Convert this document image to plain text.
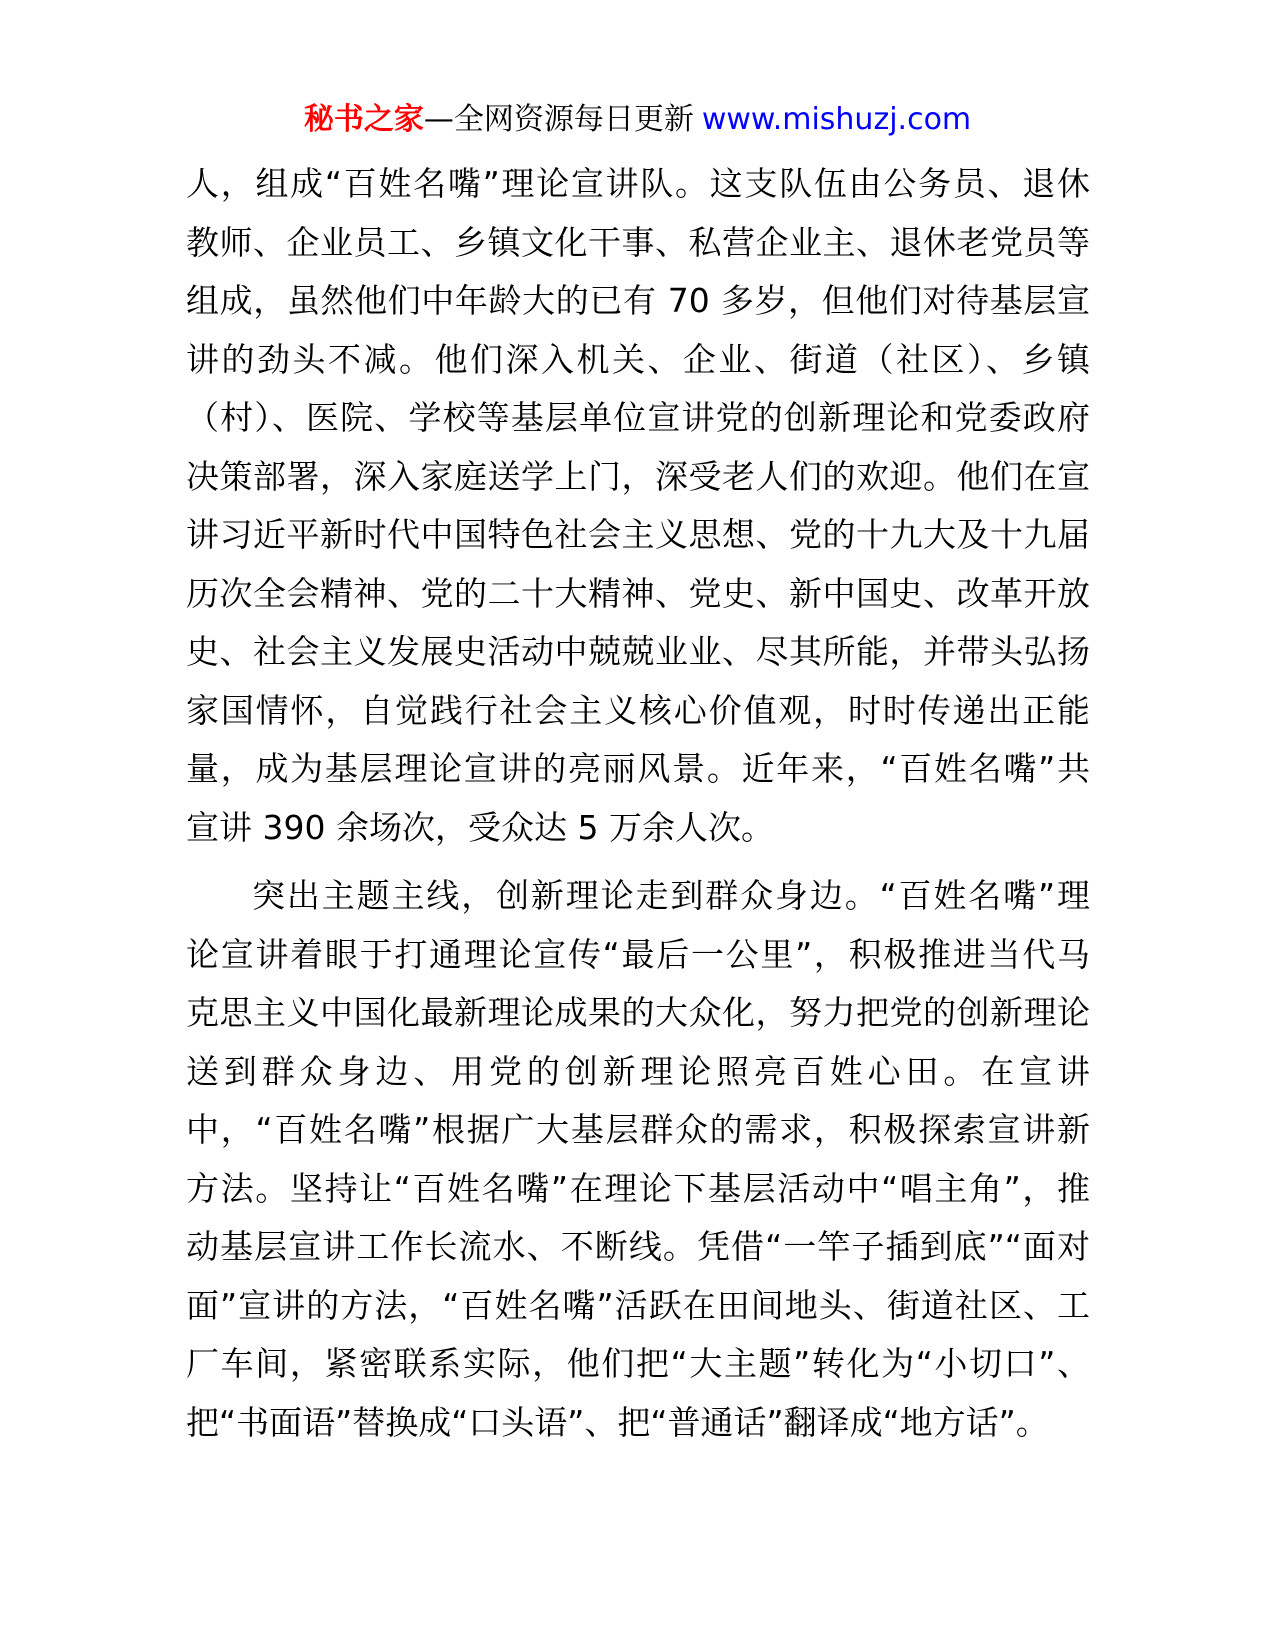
秘书之家—全网资源每日更新 www.mishuzj.com
人，组成“百姓名嘴”理论宣讲队。这支队伍由公务员、退休
教师、企业员工、乡镇文化干事、私营企业主、退休老党员等
组成，虽然他们中年龄大的已有 70 多岁，但他们对待基层宣
讲的劲头不减。他们深入机关、企业、街道（社区）、乡镇
（村）、医院、学校等基层单位宣讲党的创新理论和党委政府
决策部署，深入家庭送学上门，深受老人们的欢迎。他们在宣
讲习近平新时代中国特色社会主义思想、党的十九大及十九届
历次全会精神、党的二十大精神、党史、新中国史、改革开放
史、社会主义发展史活动中兢兢业业、尽其所能，并带头弘扬
家国情怀，自觉践行社会主义核心价值观，时时传递出正能
量，成为基层理论宣讲的亮丽风景。近年来，“百姓名嘴”共
宣讲 390 余场次，受众达 5 万余人次。
突出主题主线，创新理论走到群众身边。“百姓名嘴”理
论宣讲着眼于打通理论宣传“最后一公里”，积极推进当代马
克思主义中国化最新理论成果的大众化，努力把党的创新理论
送到群众身边、用党的创新理论照亮百姓心田。在宣讲
中，“百姓名嘴”根据广大基层群众的需求，积极探索宣讲新
方法。坚持让“百姓名嘴”在理论下基层活动中“唱主角”，推
动基层宣讲工作长流水、不断线。凭借“一竿子插到底”“面对
面”宣讲的方法，“百姓名嘴”活跃在田间地头、街道社区、工
厂车间，紧密联系实际，他们把“大主题”转化为“小切口”、
把“书面语”替换成“口头语”、把“普通话”翻译成“地方话”。
